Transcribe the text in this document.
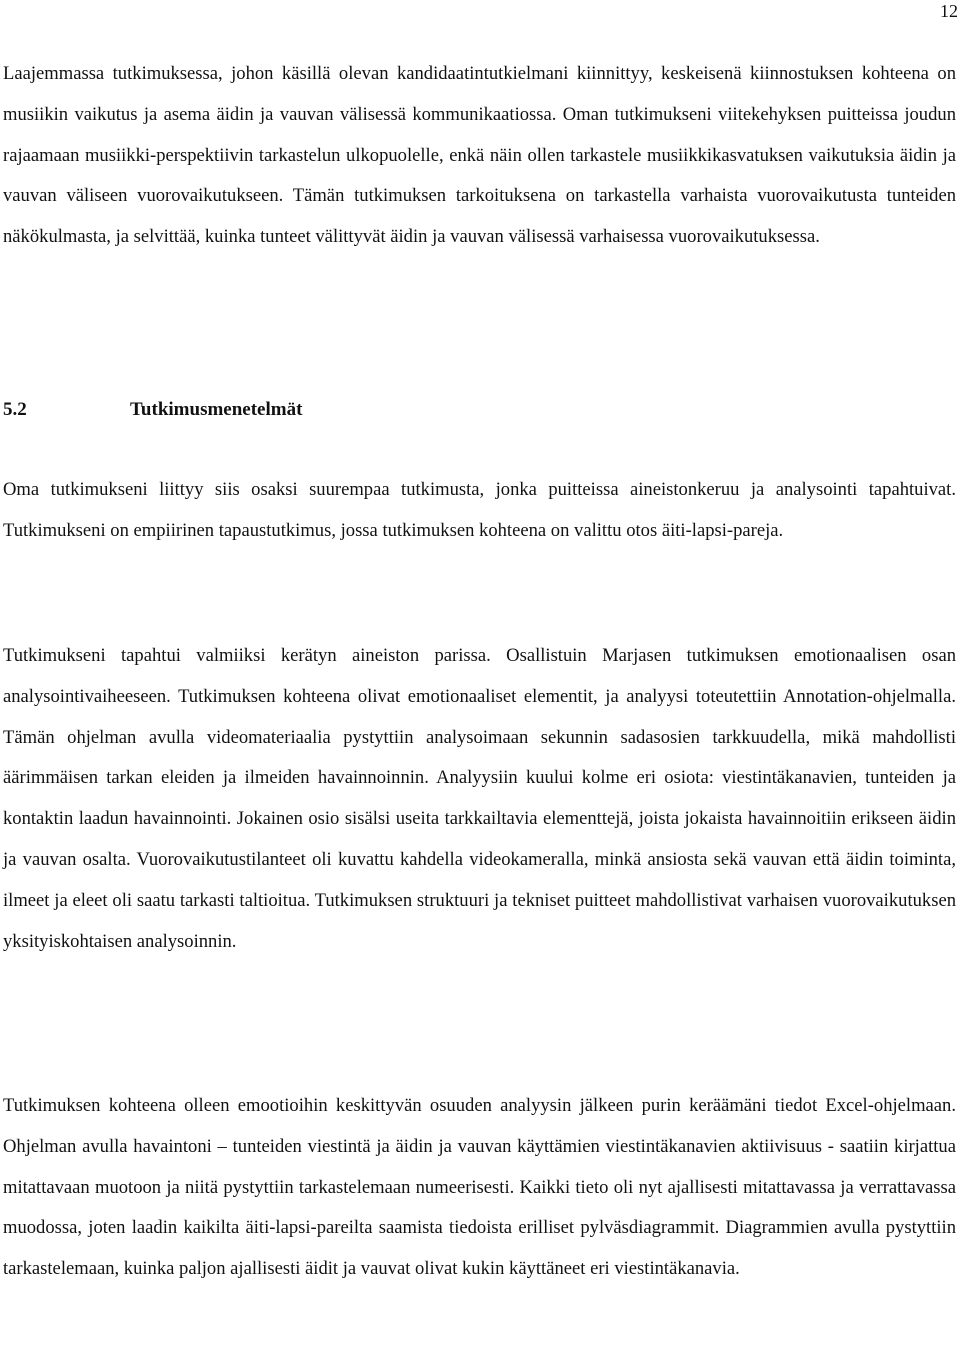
12

Laajemmassa tutkimuksessa, johon käsillä olevan kandidaatintutkielmani kiinnittyy, keskeisenä kiinnostuksen kohteena on musiikin vaikutus ja asema äidin ja vauvan välisessä kommunikaatiossa. Oman tutkimukseni viitekehyksen puitteissa joudun rajaamaan musiikki-perspektiivin tarkastelun ulkopuolelle, enkä näin ollen tarkastele musiikkikasvatuksen vaikutuksia äidin ja vauvan väliseen vuorovaikutukseen. Tämän tutkimuksen tarkoituksena on tarkastella varhaista vuorovaikutusta tunteiden näkökulmasta, ja selvittää, kuinka tunteet välittyvät äidin ja vauvan välisessä varhaisessa vuorovaikutuksessa.

5.2	Tutkimusmenetelmät

Oma tutkimukseni liittyy siis osaksi suurempaa tutkimusta, jonka puitteissa aineistonkeruu ja analysointi tapahtuivat. Tutkimukseni on empiirinen tapaustutkimus, jossa tutkimuksen kohteena on valittu otos äiti-lapsi-pareja.

Tutkimukseni tapahtui valmiiksi kerätyn aineiston parissa. Osallistuin Marjasen tutkimuksen emotionaalisen osan analysointivaiheeseen. Tutkimuksen kohteena olivat emotionaaliset elementit, ja analyysi toteutettiin Annotation-ohjelmalla. Tämän ohjelman avulla videomateriaalia pystyttiin analysoimaan sekunnin sadasosien tarkkuudella, mikä mahdollisti äärimmäisen tarkan eleiden ja ilmeiden havainnoinnin. Analyysiin kuului kolme eri osiota: viestintäkanavien, tunteiden ja kontaktin laadun havainnointi. Jokainen osio sisälsi useita tarkkailtavia elementtejä, joista jokaista havainnoitiin erikseen äidin ja vauvan osalta. Vuorovaikutustilanteet oli kuvattu kahdella videokameralla, minkä ansiosta sekä vauvan että äidin toiminta, ilmeet ja eleet oli saatu tarkasti taltioitua. Tutkimuksen struktuuri ja tekniset puitteet mahdollistivat varhaisen vuorovaikutuksen yksityiskohtaisen analysoinnin.

Tutkimuksen kohteena olleen emootioihin keskittyvän osuuden analyysin jälkeen purin keräämäni tiedot Excel-ohjelmaan. Ohjelman avulla havaintoni – tunteiden viestintä ja äidin ja vauvan käyttämien viestintäkanavien aktiivisuus - saatiin kirjattua mitattavaan muotoon ja niitä pystyttiin tarkastelemaan numeerisesti. Kaikki tieto oli nyt ajallisesti mitattavassa ja verrattavassa muodossa, joten laadin kaikilta äiti-lapsi-pareilta saamista tiedoista erilliset pylväsdiagrammit. Diagrammien avulla pystyttiin tarkastelemaan, kuinka paljon ajallisesti äidit ja vauvat olivat kukin käyttäneet eri viestintäkanavia.
